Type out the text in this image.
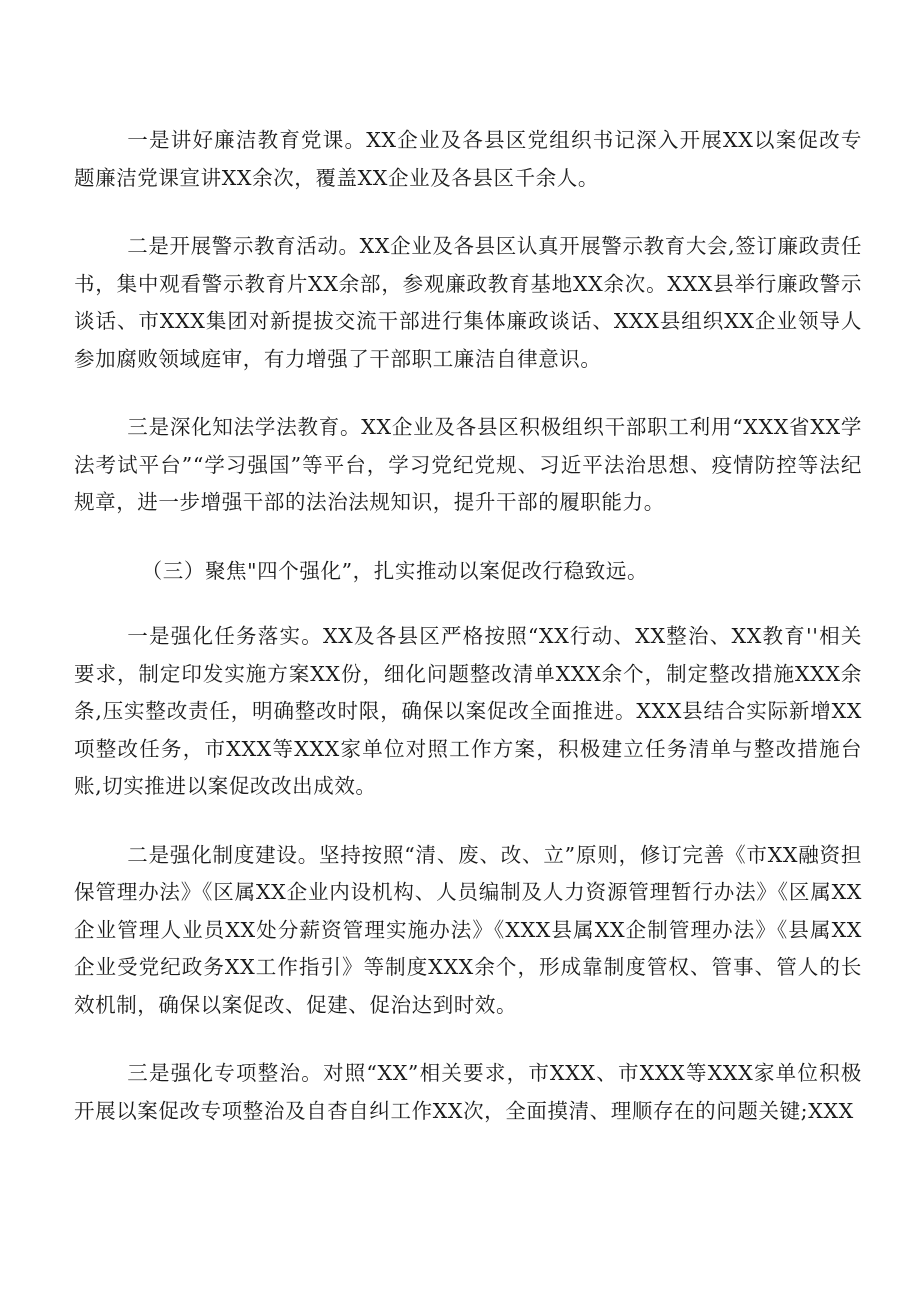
一是讲好廉洁教育党课。XX企业及各县区党组织书记深入开展XX以案促改专题廉洁党课宣讲XX余次，覆盖XX企业及各县区千余人。

二是开展警示教育活动。XX企业及各县区认真开展警示教育大会,签订廉政责任书，集中观看警示教育片XX余部，参观廉政教育基地XX余次。XXX县举行廉政警示谈话、市XXX集团对新提拔交流干部进行集体廉政谈话、XXX县组织XX企业领导人参加腐败领域庭审，有力增强了干部职工廉洁自律意识。

三是深化知法学法教育。XX企业及各县区积极组织干部职工利用“XXX省XX学法考试平台”“学习强国”等平台，学习党纪党规、习近平法治思想、疫情防控等法纪规章，进一步增强干部的法治法规知识，提升干部的履职能力。

（三）聚焦"四个强化”，扎实推动以案促改行稳致远。

一是强化任务落实。XX及各县区严格按照“XX行动、XX整治、XX教育''相关要求，制定印发实施方案XX份，细化问题整改清单XXX余个，制定整改措施XXX余条,压实整改责任，明确整改时限，确保以案促改全面推进。XXX县结合实际新增XX项整改任务，市XXX等XXX家单位对照工作方案，积极建立任务清单与整改措施台账,切实推进以案促改改出成效。

二是强化制度建设。坚持按照“清、废、改、立”原则，修订完善《市XX融资担保管理办法》《区属XX企业内设机构、人员编制及人力资源管理暂行办法》《区属XX企业管理人业员XX处分薪资管理实施办法》《XXX县属XX企制管理办法》《县属XX企业受党纪政务XX工作指引》等制度XXX余个，形成靠制度管权、管事、管人的长效机制，确保以案促改、促建、促治达到时效。

三是强化专项整治。对照“XX”相关要求，市XXX、市XXX等XXX家单位积极开展以案促改专项整治及自杳自纠工作XX次，全面摸清、理顺存在的问题关键;XXX
